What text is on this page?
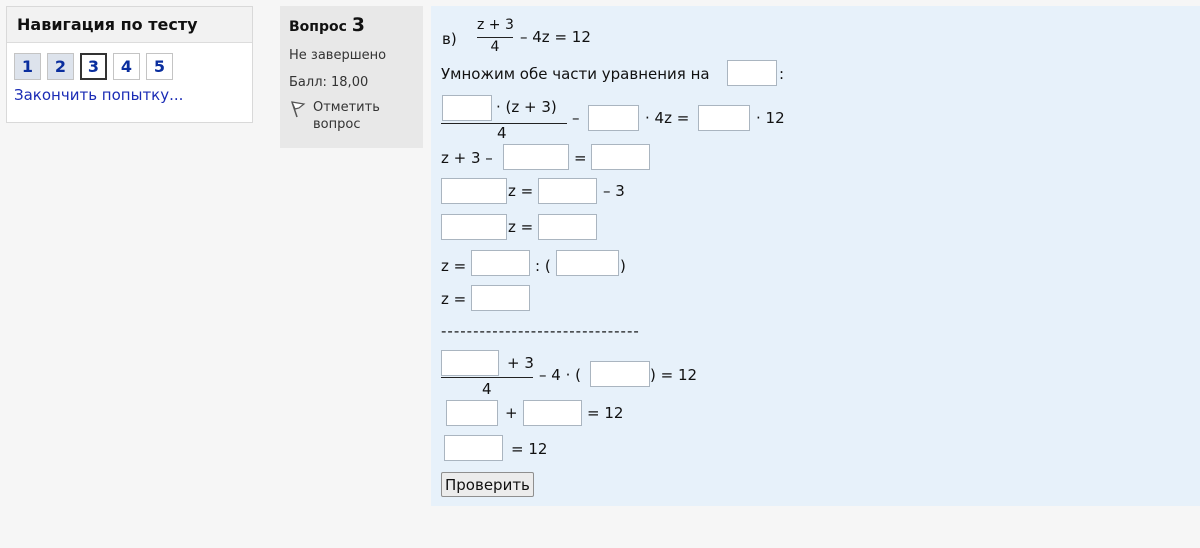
Навигация по тесту
1	2	3	4	5
Закончить попытку...
Вопрос 3
Не завершено
Балл: 18,00
Отметить вопрос
в)
z + 3
4
– 4z = 12
Умножим обе части уравнения на	:
· (z + 3)
4
–	· 4z =	· 12
z + 3 –	=
z =	– 3
z =
z =	: (	)
z =
-------------------------------
+ 3
4
– 4 · (	) = 12
+	= 12
= 12
Проверить
